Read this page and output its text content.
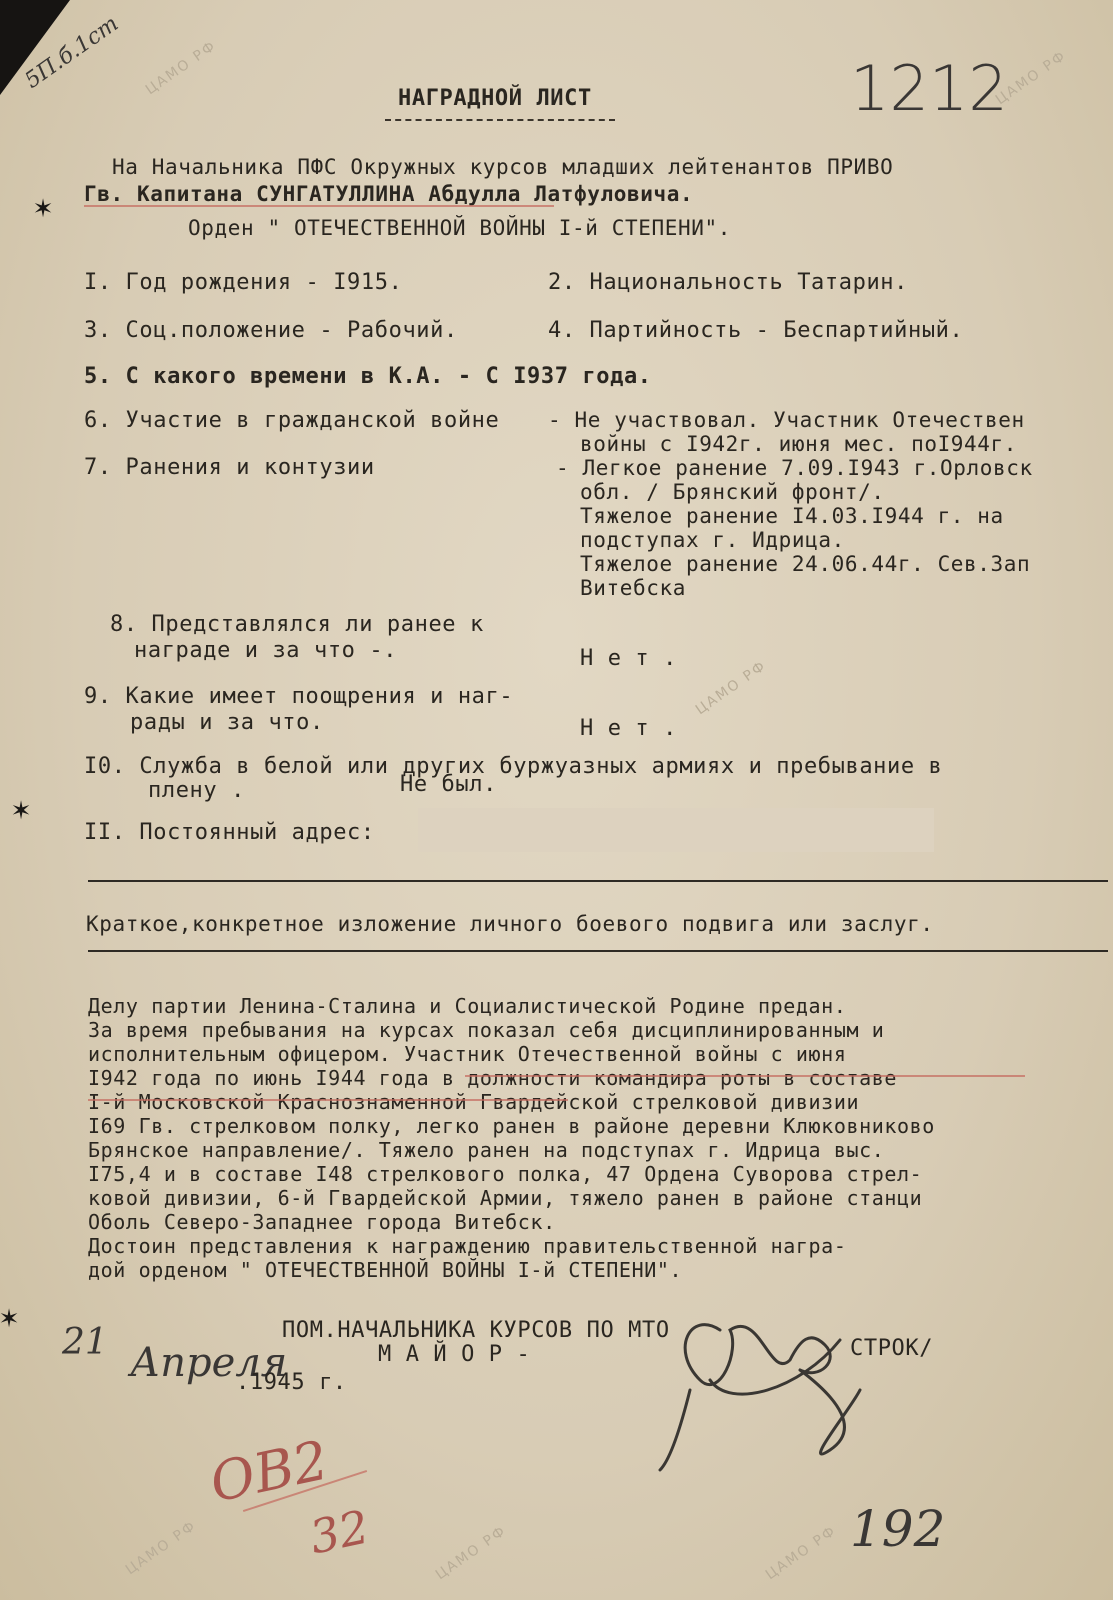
ЦАМО РФ	ЦАМО РФ
ЦАМО РФ
ЦАМО РФ	ЦАМО РФ	ЦАМО РФ
5П.б.1ст	1212
✶
✶
✶
НАГРАДНОЙ ЛИСТ
На Начальника ПФС Окружных курсов младших лейтенантов ПРИВО
Гв. Капитана СУНГАТУЛЛИНА Абдулла Латфуловича.
Орден " ОТЕЧЕСТВЕННОЙ ВОЙНЫ I-й СТЕПЕНИ".
I. Год рождения - I915.	2. Национальность Татарин.
3. Соц.положение - Рабочий.	4. Партийность - Беспартийный.
5. С какого времени в К.А. - С I937 года.
6. Участие в гражданской войне - Не участвовал. Участник Отечествен
войны с I942г. июня мес. поI944г.
7. Ранения и контузии	- Легкое ранение 7.09.I943 г.Орловск
обл. / Брянский фронт/.
Тяжелое ранение I4.03.I944 г. на
подступах г. Идрица.
Тяжелое ранение 24.06.44г. Сев.Зап
Витебска
8. Представлялся ли ранее к
награде и за что -.	Н е т .
9. Какие имеет поощрения и наг-
рады и за что.	Н е т .
I0. Служба в белой или других буржуазных армиях и пребывание в
плену .	Не был.
II. Постоянный адрес:
Краткое,конкретное изложение личного боевого подвига или заслуг.
Делу партии Ленина-Сталина и Социалистической Родине предан.
За время пребывания на курсах показал себя дисциплинированным и
исполнительным офицером. Участник Отечественной войны с июня
I942 года по июнь I944 года в должности командира роты в составе
I-й Московской Краснознаменной Гвардейской стрелковой дивизии
I69 Гв. стрелковом полку, легко ранен в районе деревни Клюковниково
Брянское направление/. Тяжело ранен на подступах г. Идрица выс.
I75,4 и в составе I48 стрелкового полка, 47 Ордена Суворова стрел-
ковой дивизии, 6-й Гвардейской Армии, тяжело ранен в районе станци
Оболь Северо-Западнее города Витебск.
Достоин представления к награждению правительственной награ-
дой орденом " ОТЕЧЕСТВЕННОЙ ВОЙНЫ I-й СТЕПЕНИ".
ПОМ.НАЧАЛЬНИКА КУРСОВ ПО МТО
М А Й О Р -	СТРОК/
21 Апреля
.1945 г.
ОВ2
32	192
